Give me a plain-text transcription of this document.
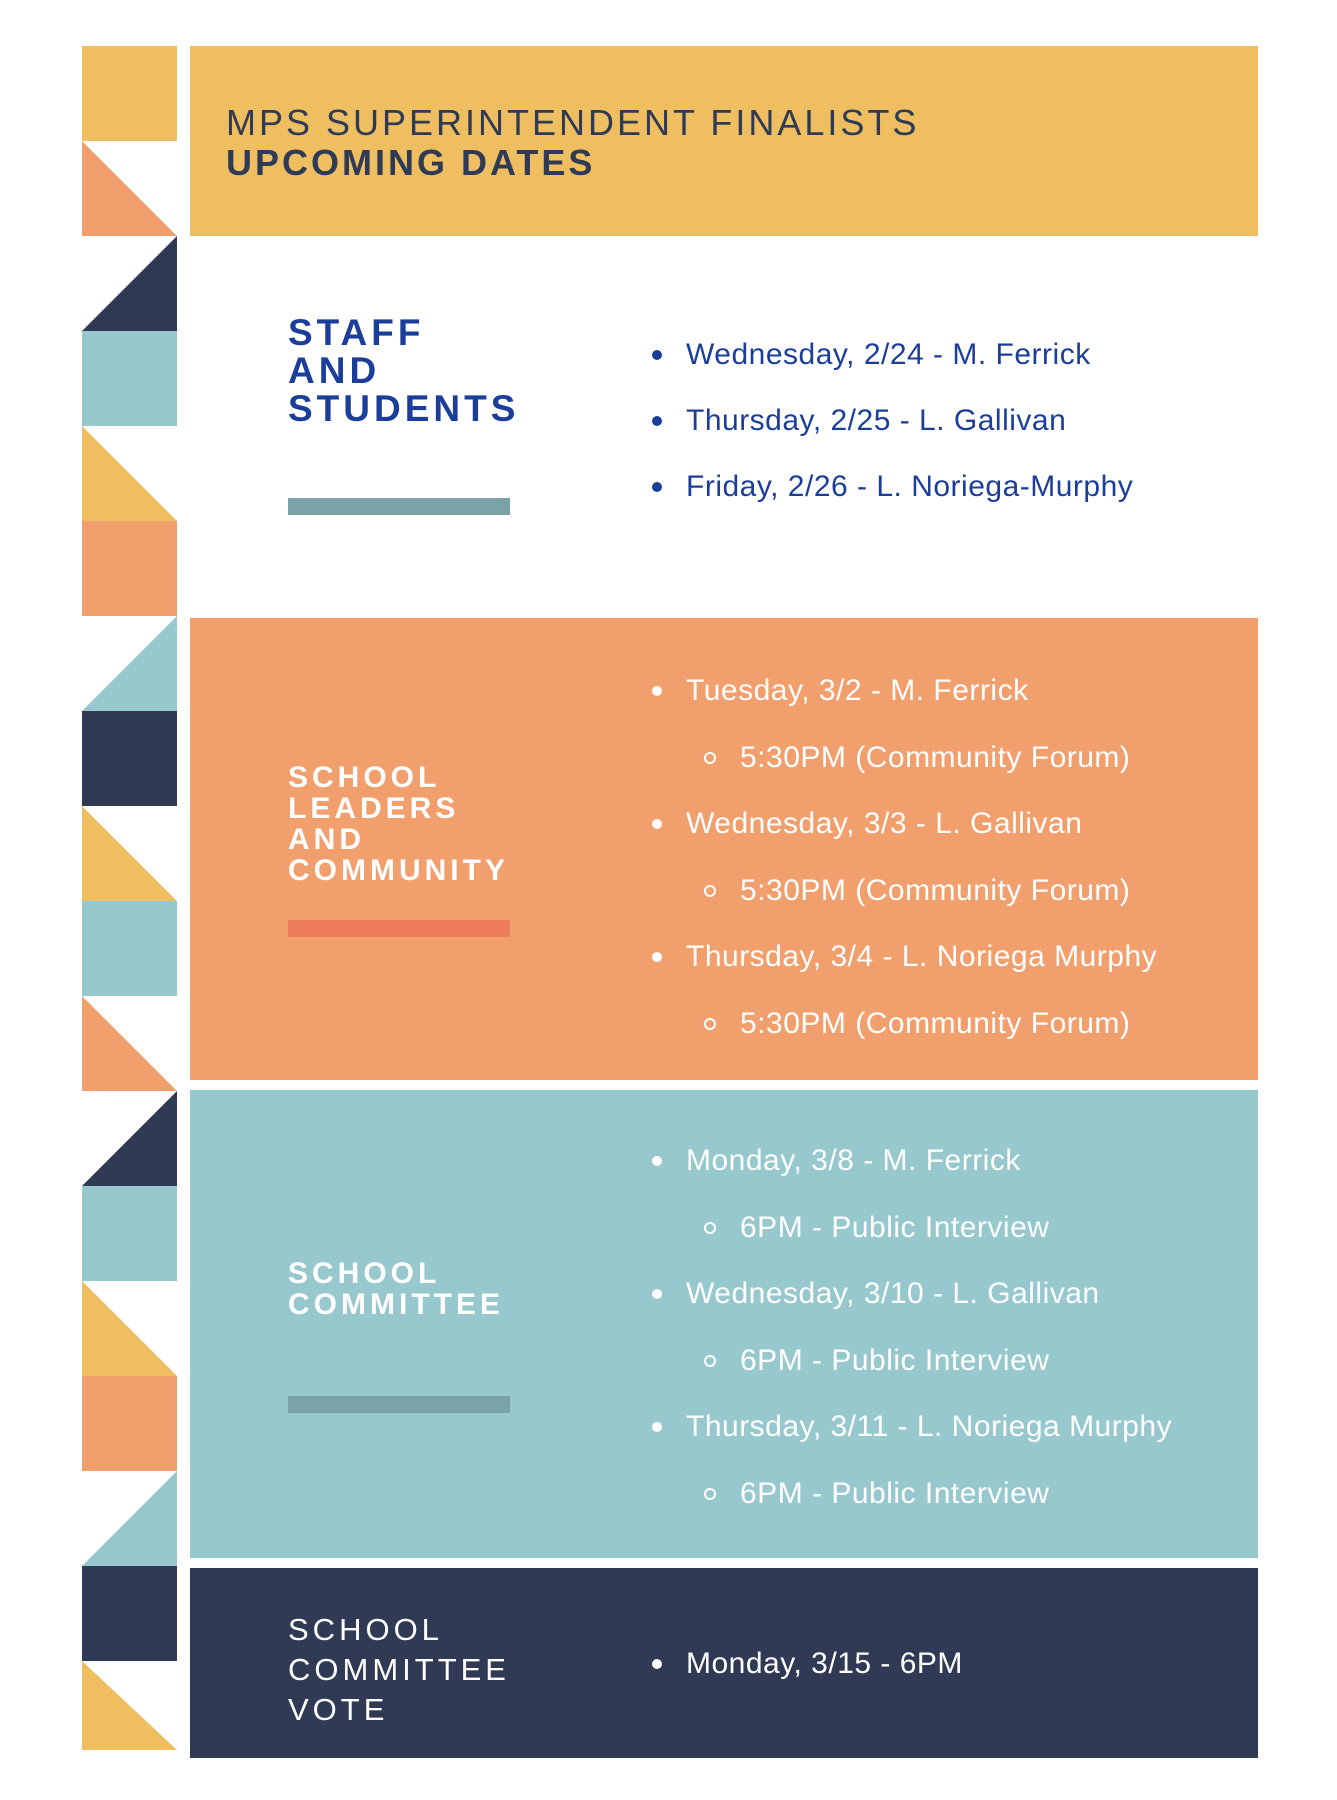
MPS SUPERINTENDENT FINALISTS
UPCOMING DATES
STAFF
AND
STUDENTS
Wednesday, 2/24 - M. Ferrick
Thursday, 2/25 - L. Gallivan
Friday, 2/26 - L. Noriega-Murphy
SCHOOL
LEADERS
AND
COMMUNITY
Tuesday, 3/2 - M. Ferrick
5:30PM (Community Forum)
Wednesday, 3/3 - L. Gallivan
5:30PM (Community Forum)
Thursday, 3/4 - L. Noriega Murphy
5:30PM (Community Forum)
SCHOOL
COMMITTEE
Monday, 3/8 - M. Ferrick
6PM - Public Interview
Wednesday, 3/10 - L. Gallivan
6PM - Public Interview
Thursday, 3/11 - L. Noriega Murphy
6PM - Public Interview
SCHOOL
COMMITTEE
VOTE
Monday, 3/15 - 6PM
